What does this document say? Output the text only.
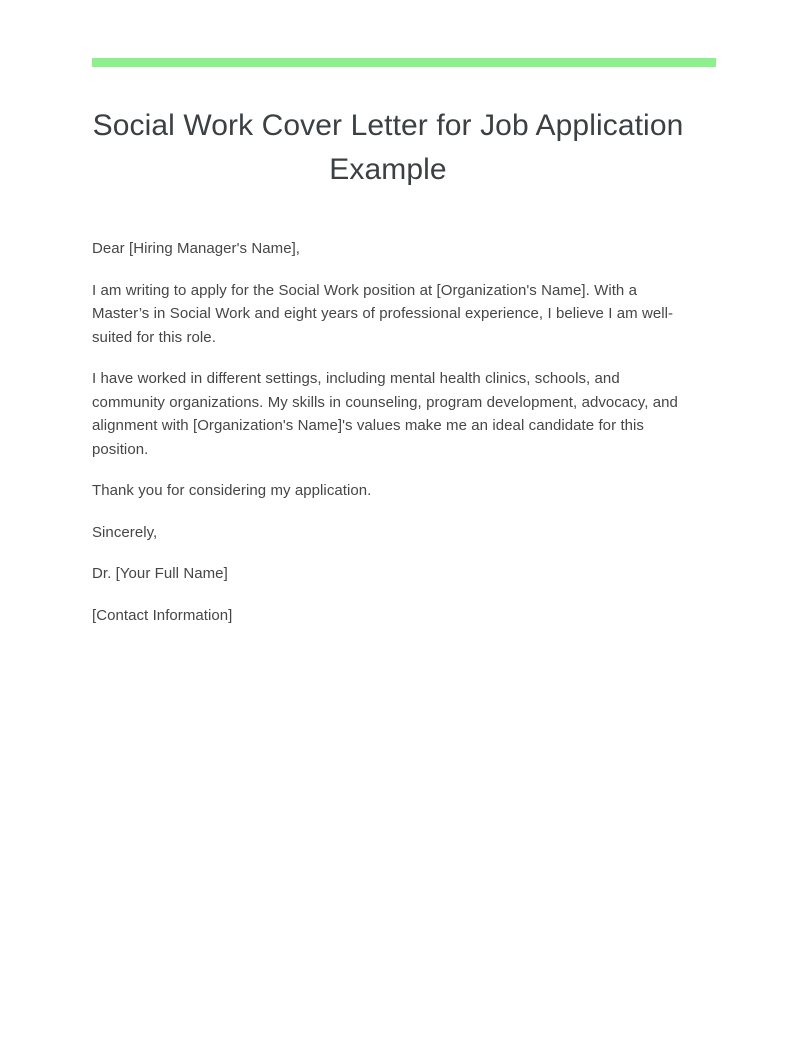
Social Work Cover Letter for Job Application Example

Dear [Hiring Manager's Name],

I am writing to apply for the Social Work position at [Organization's Name]. With a Master’s in Social Work and eight years of professional experience, I believe I am well-suited for this role.

I have worked in different settings, including mental health clinics, schools, and community organizations. My skills in counseling, program development, advocacy, and alignment with [Organization's Name]'s values make me an ideal candidate for this position.

Thank you for considering my application.

Sincerely,

Dr. [Your Full Name]

[Contact Information]
